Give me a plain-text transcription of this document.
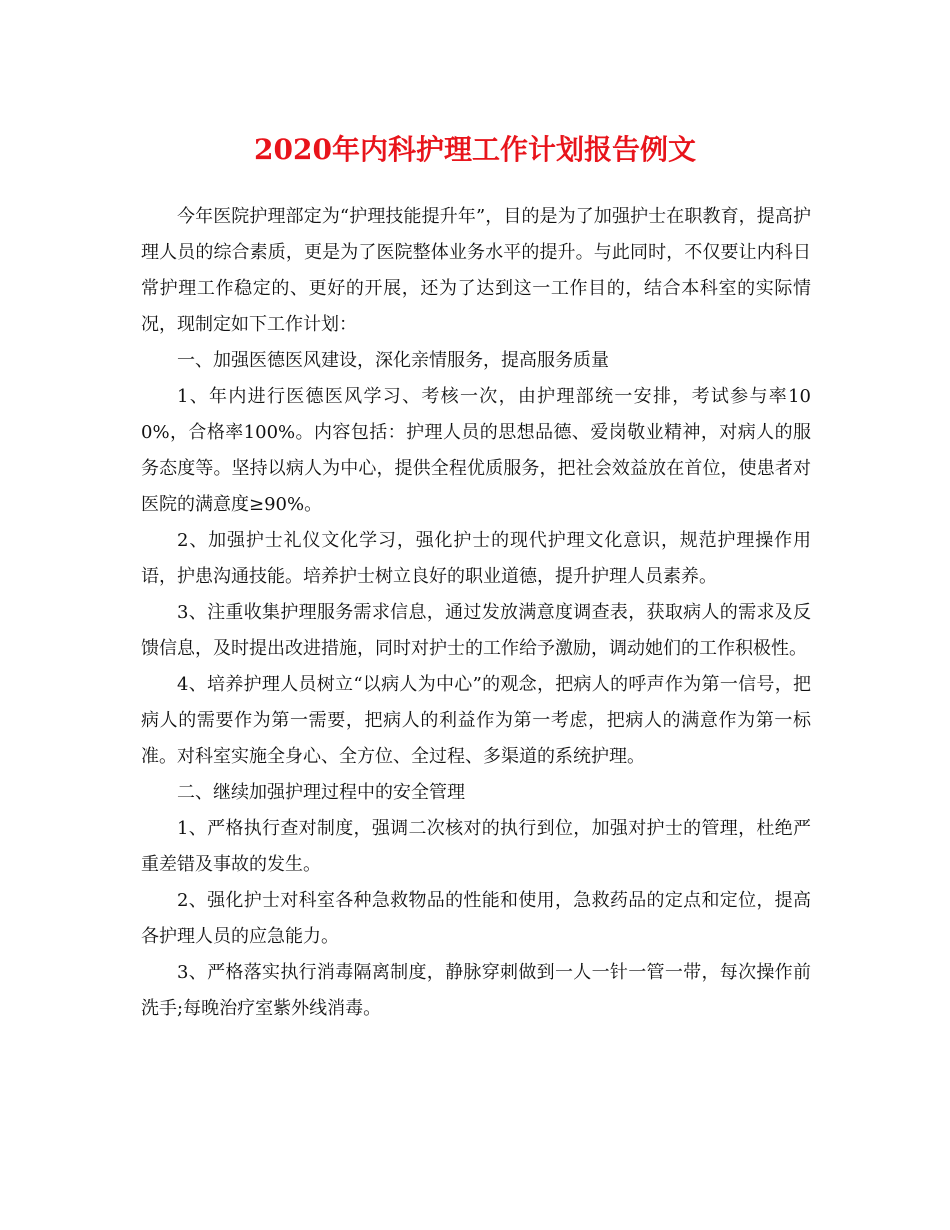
2020年内科护理工作计划报告例文

今年医院护理部定为“护理技能提升年”，目的是为了加强护士在职教育，提高护理人员的综合素质，更是为了医院整体业务水平的提升。与此同时，不仅要让内科日常护理工作稳定的、更好的开展，还为了达到这一工作目的，结合本科室的实际情况，现制定如下工作计划：

一、加强医德医风建设，深化亲情服务，提高服务质量

1、年内进行医德医风学习、考核一次，由护理部统一安排，考试参与率100%，合格率100%。内容包括：护理人员的思想品德、爱岗敬业精神，对病人的服务态度等。坚持以病人为中心，提供全程优质服务，把社会效益放在首位，使患者对医院的满意度≥90%。

2、加强护士礼仪文化学习，强化护士的现代护理文化意识，规范护理操作用语，护患沟通技能。培养护士树立良好的职业道德，提升护理人员素养。

3、注重收集护理服务需求信息，通过发放满意度调查表，获取病人的需求及反馈信息，及时提出改进措施，同时对护士的工作给予激励，调动她们的工作积极性。

4、培养护理人员树立“以病人为中心”的观念，把病人的呼声作为第一信号，把病人的需要作为第一需要，把病人的利益作为第一考虑，把病人的满意作为第一标准。对科室实施全身心、全方位、全过程、多渠道的系统护理。

二、继续加强护理过程中的安全管理

1、严格执行查对制度，强调二次核对的执行到位，加强对护士的管理，杜绝严重差错及事故的发生。

2、强化护士对科室各种急救物品的性能和使用，急救药品的定点和定位，提高各护理人员的应急能力。

3、严格落实执行消毒隔离制度，静脉穿刺做到一人一针一管一带，每次操作前洗手;每晚治疗室紫外线消毒。
